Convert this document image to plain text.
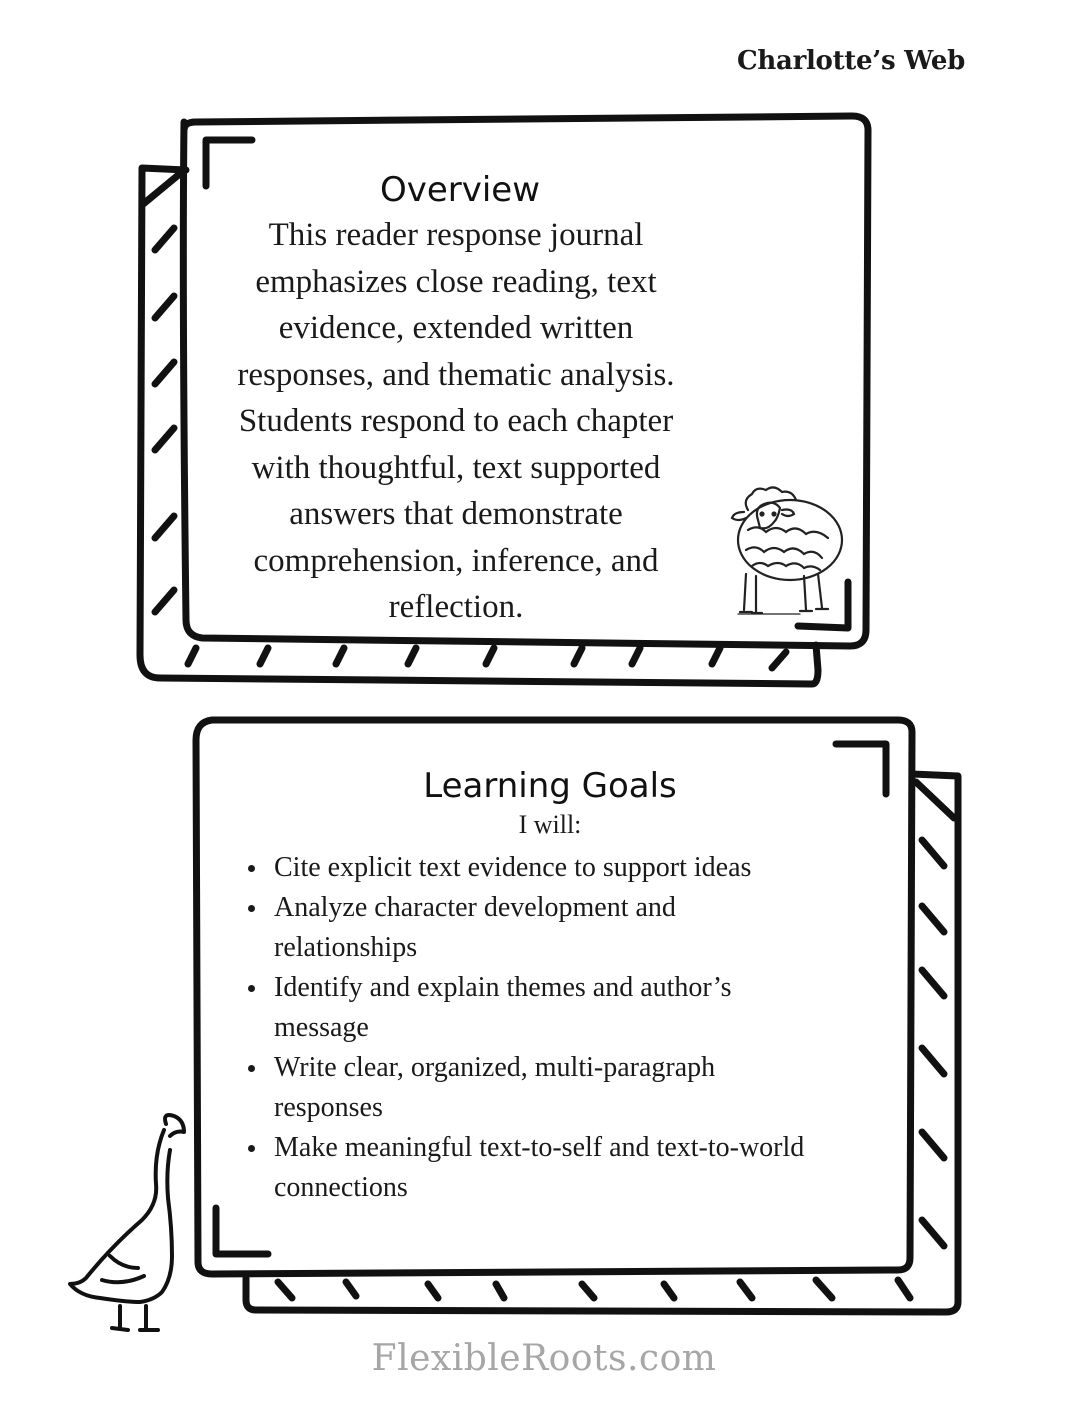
Charlotte’s Web
Overview
This reader response journal
emphasizes close reading, text
evidence, extended written
responses, and thematic analysis.
Students respond to each chapter
with thoughtful, text supported
answers that demonstrate
comprehension, inference, and
reflection.
Learning Goals
I will:
Cite explicit text evidence to support ideas
Analyze character development and
relationships
Identify and explain themes and author’s
message
Write clear, organized, multi-paragraph
responses
Make meaningful text-to-self and text-to-world
connections
FlexibleRoots.com
